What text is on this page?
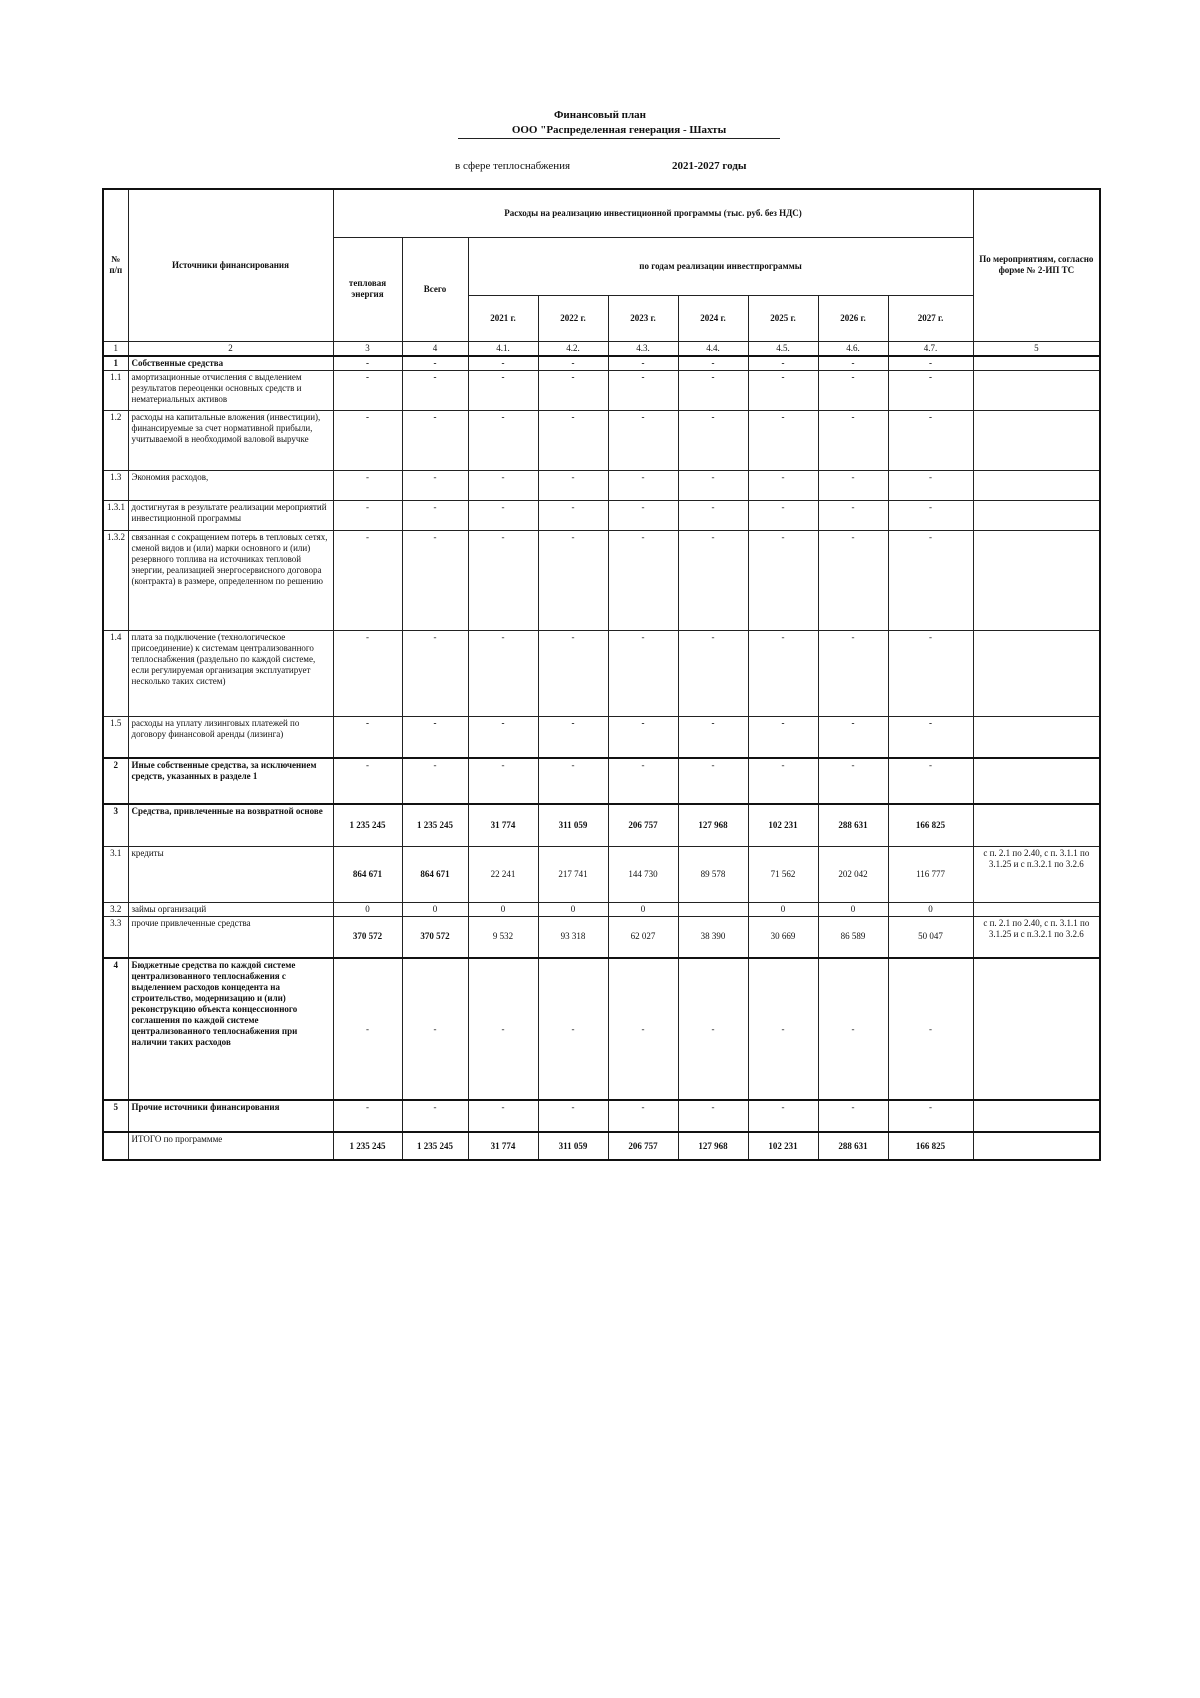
Финансовый план
ООО "Распределенная генерация - Шахты
в сфере теплоснабжения	2021-2027 годы
№ п/п	Источники финансирования	Расходы на реализацию инвестиционной программы (тыс. руб. без НДС)									По мероприятиям, согласно форме № 2-ИП ТС
		тепловая энергия	Всего	по годам реализации инвестпрограммы							
				2021 г.	2022 г.	2023 г.	2024 г.	2025 г.	2026 г.	2027 г.	
1	2	3	4	4.1.	4.2.	4.3.	4.4.	4.5.	4.6.	4.7.	5
1	Собственные средства	-	-	-	-	-	-	-	-	-	
1.1	амортизационные отчисления с выделением результатов переоценки основных средств и нематериальных активов	-	-	-	-	-	-	-	-	-	
1.2	расходы на капитальные вложения (инвестиции), финансируемые за счет нормативной прибыли, учитываемой в необходимой валовой выручке	-	-	-	-	-	-	-	-	-	
1.3	Экономия расходов,	-	-	-	-	-	-	-	-	-	
1.3.1	достигнутая в результате реализации мероприятий инвестиционной программы	-	-	-	-	-	-	-	-	-	
1.3.2	связанная с сокращением потерь в тепловых сетях, сменой видов и (или) марки основного и (или) резервного топлива на источниках тепловой энергии, реализацией энергосервисного договора (контракта) в размере, определенном по решению	-	-	-	-	-	-	-	-	-	
1.4	плата за подключение (технологическое присоединение) к системам централизованного теплоснабжения (раздельно по каждой системе, если регулируемая организация эксплуатирует несколько таких систем)	-	-	-	-	-	-	-	-	-	
1.5	расходы на уплату лизинговых платежей по договору финансовой аренды (лизинга)	-	-	-	-	-	-	-	-	-	
2	Иные собственные средства, за исключением средств, указанных в разделе 1	-	-	-	-	-	-	-	-	-	
3	Средства, привлеченные на возвратной основе	1 235 245	1 235 245	31 774	311 059	206 757	127 968	102 231	288 631	166 825	
3.1	кредиты	864 671	864 671	22 241	217 741	144 730	89 578	71 562	202 042	116 777	с п. 2.1 по 2.40, с п. 3.1.1 по 3.1.25 и с п.3.2.1 по 3.2.6
3.2	займы организаций	0	0	0	0	0		0	0	0	
3.3	прочие привлеченные средства	370 572	370 572	9 532	93 318	62 027	38 390	30 669	86 589	50 047	с п. 2.1 по 2.40, с п. 3.1.1 по 3.1.25 и с п.3.2.1 по 3.2.6
4	Бюджетные средства по каждой системе централизованного теплоснабжения с выделением расходов концедента на строительство, модернизацию и (или) реконструкцию объекта концессионного соглашения по каждой системе централизованного теплоснабжения при наличии таких расходов	-	-	-	-	-	-	-	-	-	
5	Прочие источники финансирования	-	-	-	-	-	-	-	-	-	
	ИТОГО по программме	1 235 245	1 235 245	31 774	311 059	206 757	127 968	102 231	288 631	166 825	
